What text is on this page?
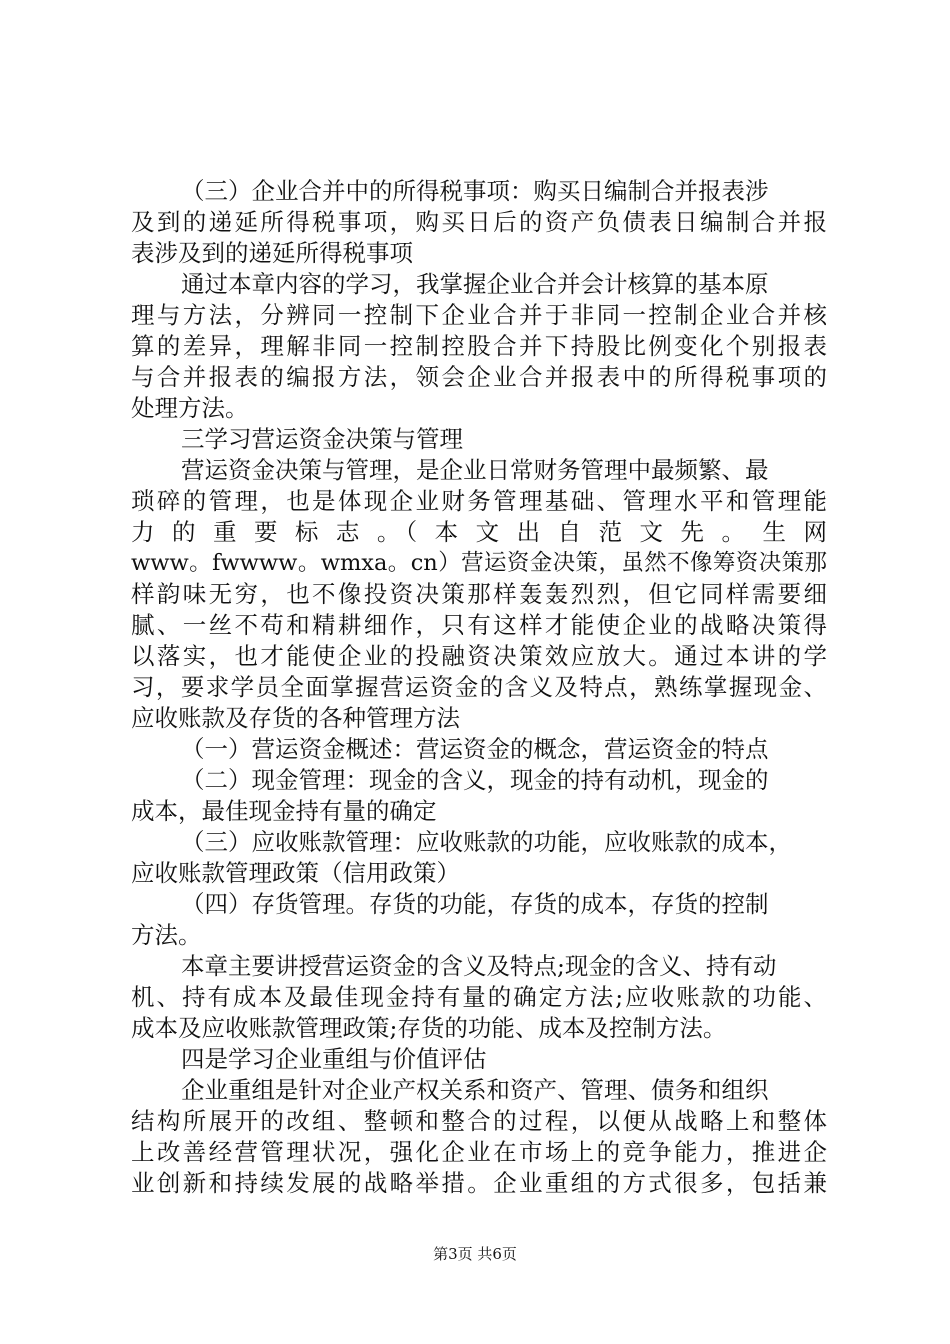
（三）企业合并中的所得税事项：购买日编制合并报表涉
及到的递延所得税事项，购买日后的资产负债表日编制合并报
表涉及到的递延所得税事项
通过本章内容的学习，我掌握企业合并会计核算的基本原
理与方法，分辨同一控制下企业合并于非同一控制企业合并核
算的差异，理解非同一控制控股合并下持股比例变化个别报表
与合并报表的编报方法，领会企业合并报表中的所得税事项的
处理方法。
三学习营运资金决策与管理
营运资金决策与管理，是企业日常财务管理中最频繁、最
琐碎的管理，也是体现企业财务管理基础、管理水平和管理能
力 的 重 要 标 志 。（ 本 文 出 自 范 文 先 。 生 网
www。fwwww。wmxa。cn）营运资金决策，虽然不像筹资决策那
样韵味无穷，也不像投资决策那样轰轰烈烈，但它同样需要细
腻、一丝不苟和精耕细作，只有这样才能使企业的战略决策得
以落实，也才能使企业的投融资决策效应放大。通过本讲的学
习，要求学员全面掌握营运资金的含义及特点，熟练掌握现金、
应收账款及存货的各种管理方法
（一）营运资金概述：营运资金的概念，营运资金的特点
（二）现金管理：现金的含义，现金的持有动机，现金的
成本，最佳现金持有量的确定
（三）应收账款管理：应收账款的功能，应收账款的成本，
应收账款管理政策（信用政策）
（四）存货管理。存货的功能，存货的成本，存货的控制
方法。
本章主要讲授营运资金的含义及特点;现金的含义、持有动
机、持有成本及最佳现金持有量的确定方法;应收账款的功能、
成本及应收账款管理政策;存货的功能、成本及控制方法。
四是学习企业重组与价值评估
企业重组是针对企业产权关系和资产、管理、债务和组织
结构所展开的改组、整顿和整合的过程，以便从战略上和整体
上改善经营管理状况，强化企业在市场上的竞争能力，推进企
业创新和持续发展的战略举措。企业重组的方式很多，包括兼
第3页 共6页
